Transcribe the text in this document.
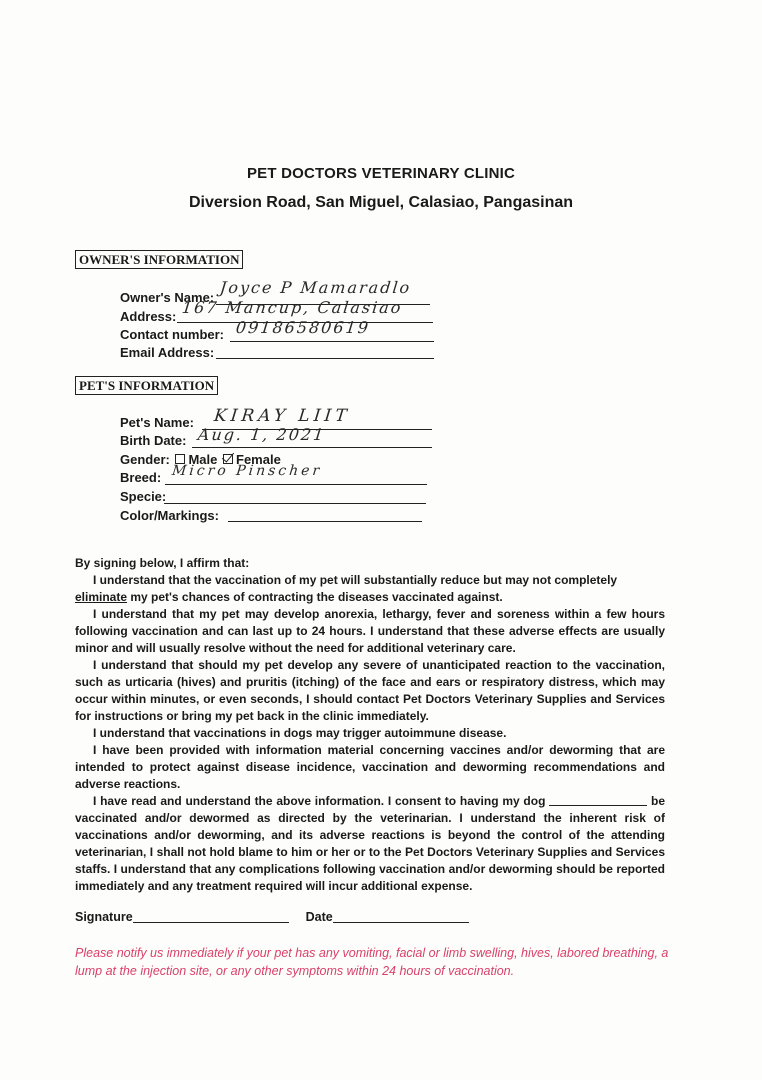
PET DOCTORS VETERINARY CLINIC
Diversion Road, San Miguel, Calasiao, Pangasinan
OWNER'S INFORMATION
Owner's Name:
Joyce P Mamaradlo
Address: 167 Mancup, Calasiao
Contact number: 09186580619
Email Address:
PET'S INFORMATION
Pet's Name: KIRAY LIIT
Birth Date: Aug. 1, 2021
Gender: Male Female
Breed: Micro Pinscher
Specie:
Color/Markings:

By signing below, I affirm that:

I understand that the vaccination of my pet will substantially reduce but may not completely
eliminate my pet's chances of contracting the diseases vaccinated against.

I understand that my pet may develop anorexia, lethargy, fever and soreness within a few hours following vaccination and can last up to 24 hours. I understand that these adverse effects are usually minor and will usually resolve without the need for additional veterinary care.

I understand that should my pet develop any severe of unanticipated reaction to the vaccination, such as urticaria (hives) and pruritis (itching) of the face and ears or respiratory distress, which may occur within minutes, or even seconds, I should contact Pet Doctors Veterinary Supplies and Services for instructions or bring my pet back in the clinic immediately.

I understand that vaccinations in dogs may trigger autoimmune disease.

I have been provided with information material concerning vaccines and/or deworming that are intended to protect against disease incidence, vaccination and deworming recommendations and adverse reactions.

I have read and understand the above information. I consent to having my dog	be vaccinated and/or dewormed as directed by the veterinarian. I understand the inherent risk of vaccinations and/or deworming, and its adverse reactions is beyond the control of the attending veterinarian, I shall not hold blame to him or her or to the Pet Doctors Veterinary Supplies and Services staffs. I understand that any complications following vaccination and/or deworming should be reported immediately and any treatment required will incur additional expense.

Signature	Date
Please notify us immediately if your pet has any vomiting, facial or limb swelling, hives, labored breathing, a lump at the injection site, or any other symptoms within 24 hours of vaccination.
